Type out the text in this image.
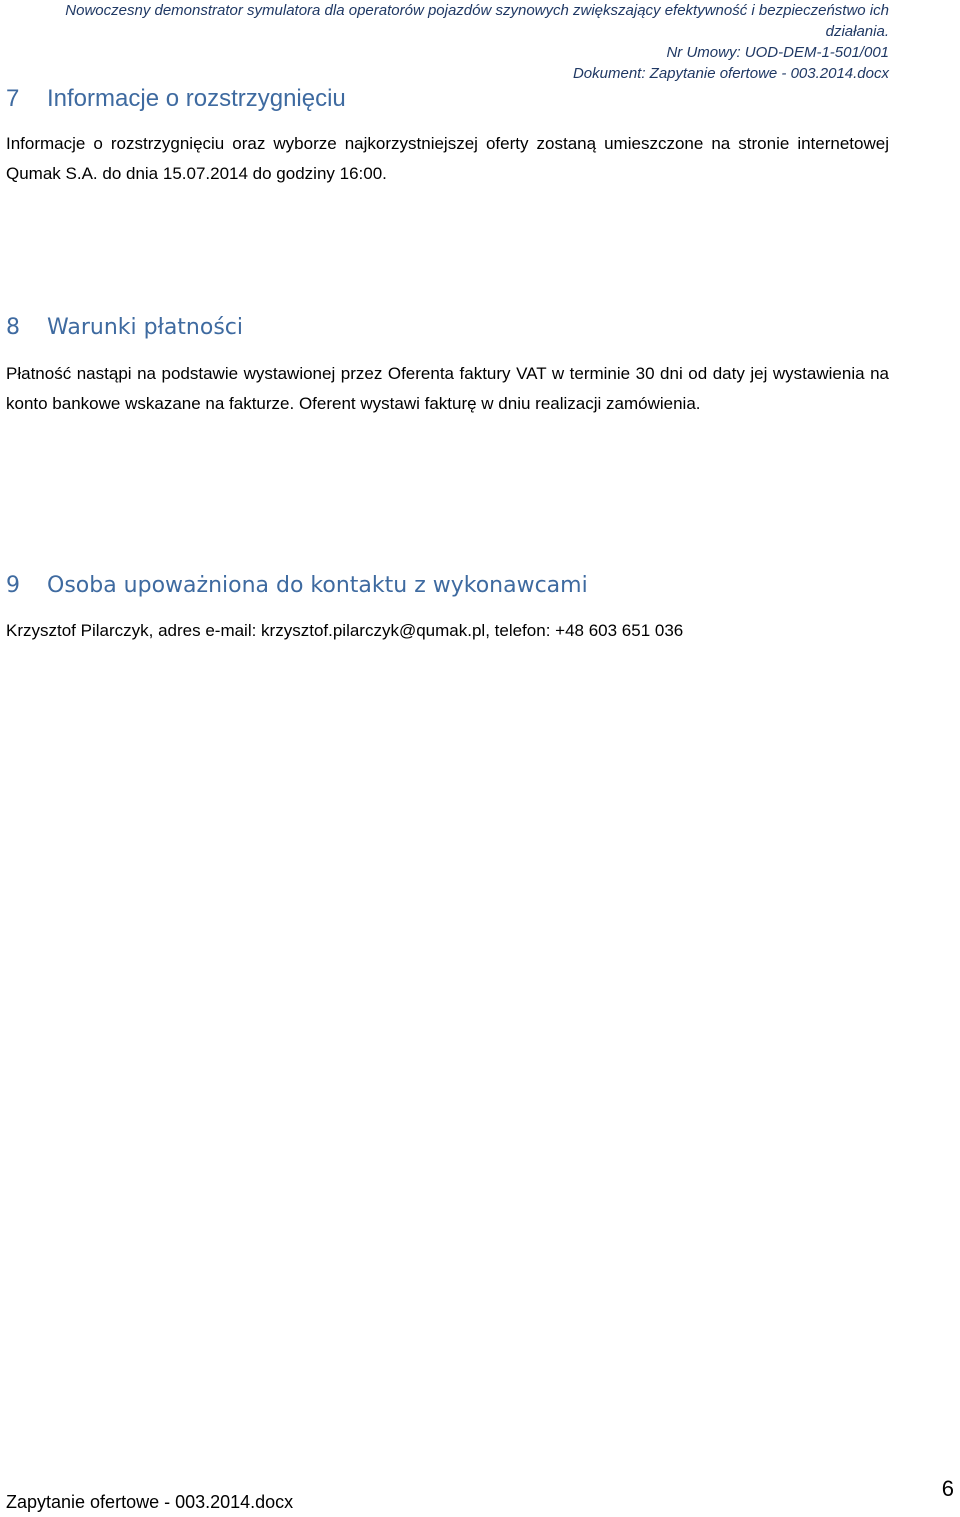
Nowoczesny demonstrator symulatora dla operatorów pojazdów szynowych zwiększający efektywność i bezpieczeństwo ich
działania.
Nr Umowy: UOD-DEM-1-501/001
Dokument: Zapytanie ofertowe - 003.2014.docx
7 Informacje o rozstrzygnięciu

Informacje o rozstrzygnięciu oraz wyborze najkorzystniejszej oferty zostaną umieszczone na stronie internetowej Qumak S.A. do dnia 15.07.2014 do godziny 16:00.

8 Warunki płatności

Płatność nastąpi na podstawie wystawionej przez Oferenta faktury VAT w terminie 30 dni od daty jej wystawienia na konto bankowe wskazane na fakturze. Oferent wystawi fakturę w dniu realizacji zamówienia.

9 Osoba upoważniona do kontaktu z wykonawcami

Krzysztof Pilarczyk, adres e-mail: krzysztof.pilarczyk@qumak.pl, telefon: +48 603 651 036

Zapytanie ofertowe - 003.2014.docx
6
